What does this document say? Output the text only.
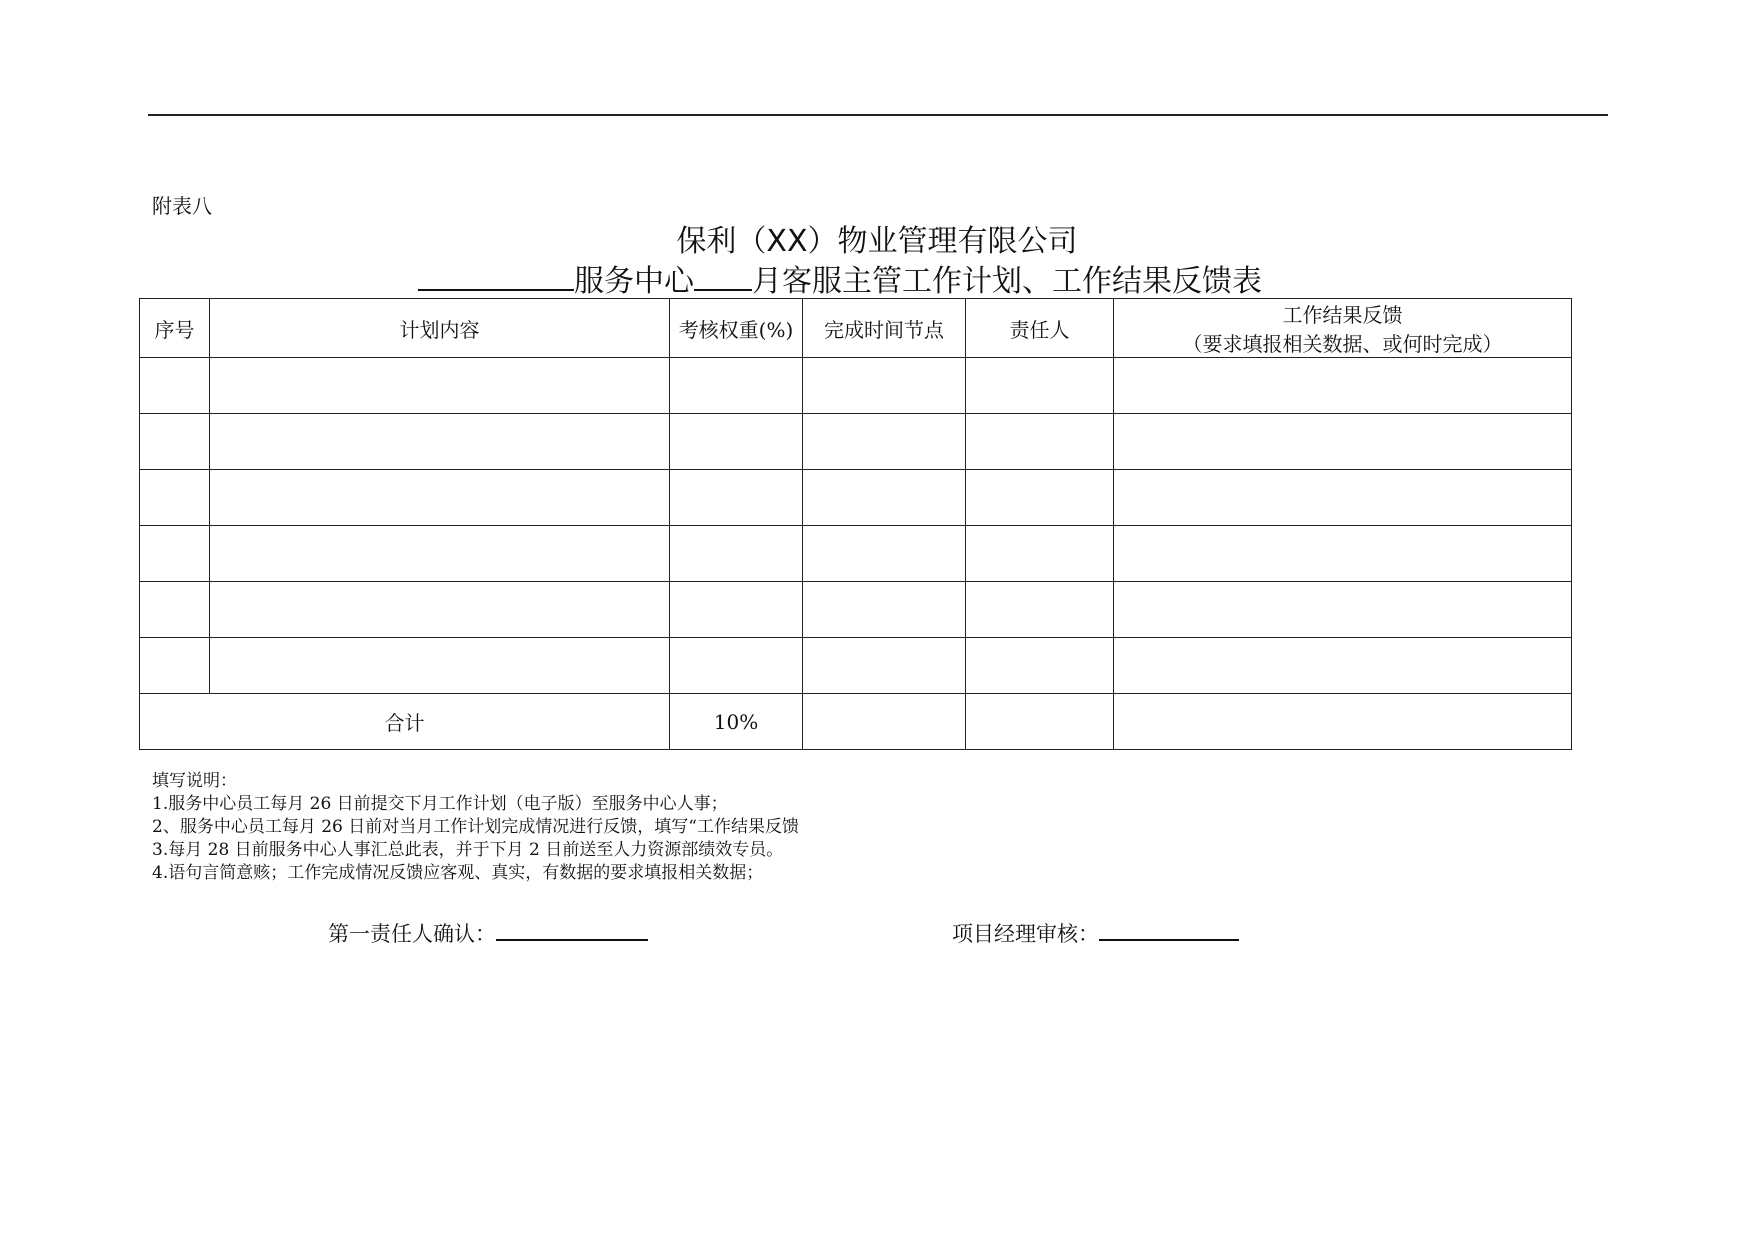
附表八
保利（XX）物业管理有限公司
服务中心 月客服主管工作计划、工作结果反馈表
序号	计划内容	考核权重(%)	完成时间节点	责任人	工作结果反馈
（要求填报相关数据、或何时完成）

合计		10%			
填写说明：
1.服务中心员工每月 26 日前提交下月工作计划（电子版）至服务中心人事；
2、服务中心员工每月 26 日前对当月工作计划完成情况进行反馈，填写“工作结果反馈
3.每月 28 日前服务中心人事汇总此表，并于下月 2 日前送至人力资源部绩效专员。
4.语句言简意赅；工作完成情况反馈应客观、真实，有数据的要求填报相关数据；
第一责任人确认：	项目经理审核：
